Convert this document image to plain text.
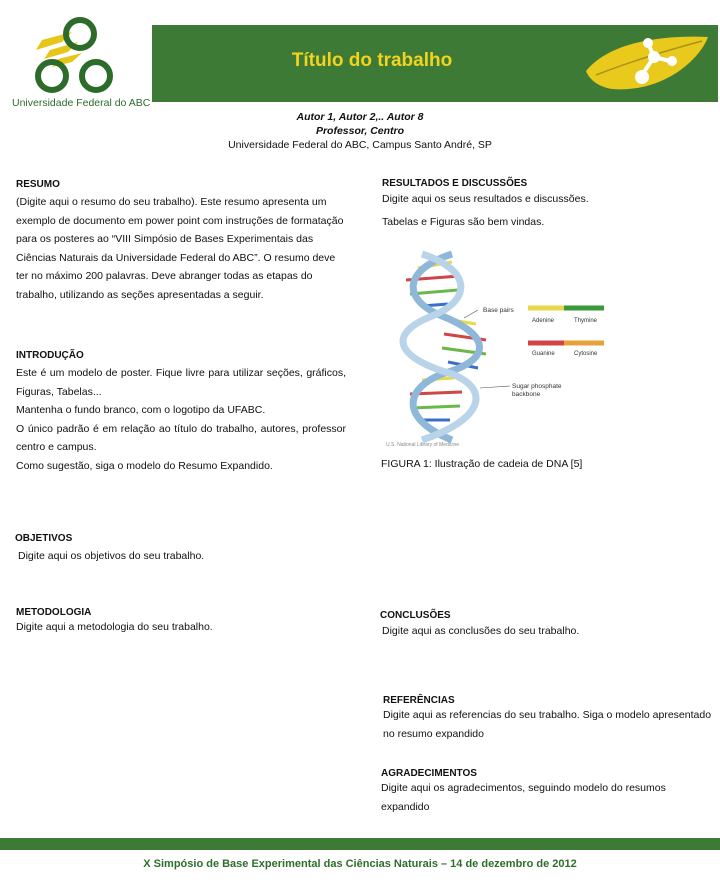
Universidade Federal do ABC
Título do trabalho
Autor 1, Autor 2,.. Autor 8
Professor, Centro
Universidade Federal do ABC, Campus Santo André, SP
RESUMO

(Digite aqui o resumo do seu trabalho). Este resumo apresenta um exemplo de documento em power point com instruções de formatação para os posteres ao “VIII Simpósio de Bases Experimentais das Ciências Naturais da Universidade Federal do ABC”. O resumo deve ter no máximo 200 palavras. Deve abranger todas as etapas do trabalho, utilizando as seções apresentadas a seguir.

INTRODUÇÃO

Este é um modelo de poster. Fique livre para utilizar seções, gráficos, Figuras, Tabelas...

Mantenha o fundo branco, com o logotipo da UFABC.

O único padrão é em relação ao título do trabalho, autores, professor centro e campus.

Como sugestão, siga o modelo do Resumo Expandido.

OBJETIVOS

Digite aqui os objetivos do seu trabalho.

METODOLOGIA

Digite aqui a metodologia do seu trabalho.

RESULTADOS E DISCUSSÕES

Digite aqui os seus resultados e discussões.

Tabelas e Figuras são bem vindas.

Base pairs
Adenine	Thymine
Guanine	Cytosine
Sugar phosphate
backbone
U.S. National Library of Medicine
FIGURA 1: Ilustração de cadeia de DNA [5]
CONCLUSÕES

Digite aqui as conclusões do seu trabalho.

REFERÊNCIAS

Digite aqui as referencias do seu trabalho. Siga o modelo apresentado no resumo expandido

AGRADECIMENTOS

Digite aqui os agradecimentos, seguindo modelo do resumos expandido

X Simpósio de Base Experimental das Ciências Naturais – 14 de dezembro de 2012
